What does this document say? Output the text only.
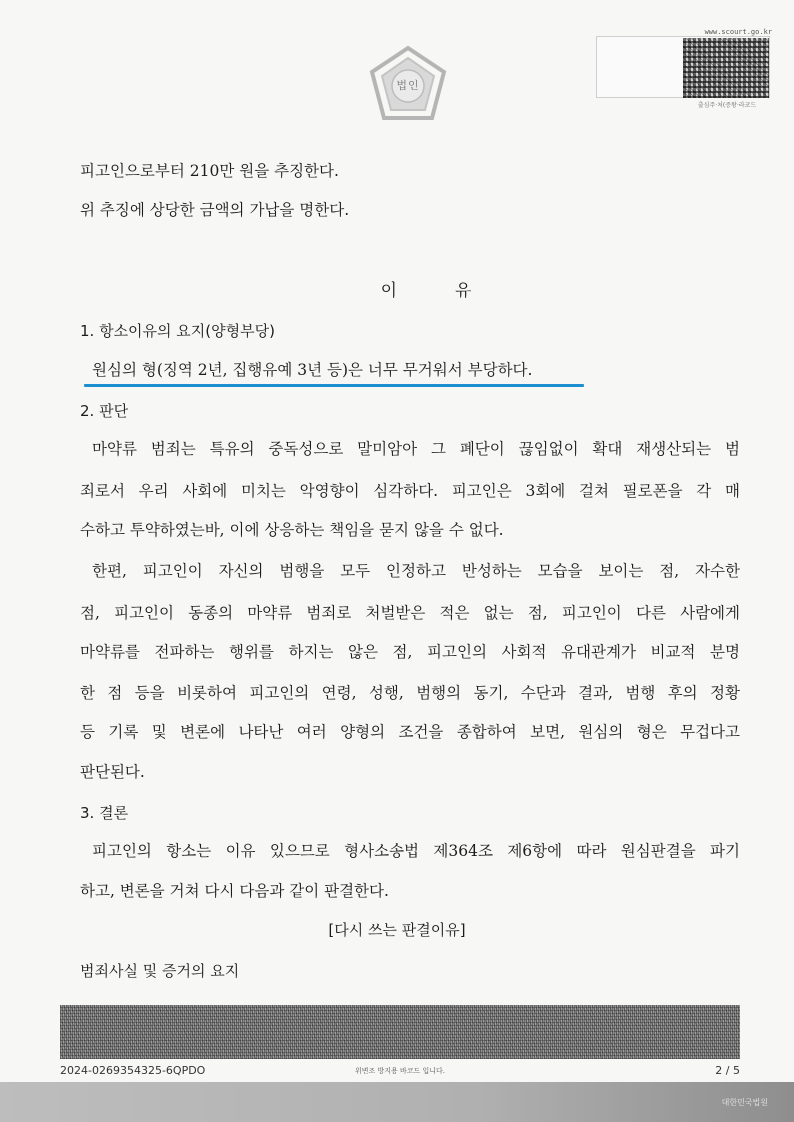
법인
www.scourt.go.kr
출심주·처(증왕·라코드
피고인으로부터 210만 원을 추징한다.
위 추징에 상당한 금액의 가납을 명한다.
이유
1. 항소이유의 요지(양형부당)
원심의 형(징역 2년, 집행유예 3년 등)은 너무 무거워서 부당하다.
2. 판단
마약류 범죄는 특유의 중독성으로 말미암아 그 폐단이 끊임없이 확대 재생산되는 범
죄로서 우리 사회에 미치는 악영향이 심각하다. 피고인은 3회에 걸쳐 필로폰을 각 매
수하고 투약하였는바, 이에 상응하는 책임을 묻지 않을 수 없다.
한편, 피고인이 자신의 범행을 모두 인정하고 반성하는 모습을 보이는 점, 자수한
점, 피고인이 동종의 마약류 범죄로 처벌받은 적은 없는 점, 피고인이 다른 사람에게
마약류를 전파하는 행위를 하지는 않은 점, 피고인의 사회적 유대관계가 비교적 분명
한 점 등을 비롯하여 피고인의 연령, 성행, 범행의 동기, 수단과 결과, 범행 후의 정황
등 기록 및 변론에 나타난 여러 양형의 조건을 종합하여 보면, 원심의 형은 무겁다고
판단된다.
3. 결론
피고인의 항소는 이유 있으므로 형사소송법 제364조 제6항에 따라 원심판결을 파기
하고, 변론을 거쳐 다시 다음과 같이 판결한다.
[다시 쓰는 판결이유]
범죄사실 및 증거의 요지
2024-0269354325-6QPDO	위변조 방지용 바코드 입니다.	2 / 5
대한민국법원
